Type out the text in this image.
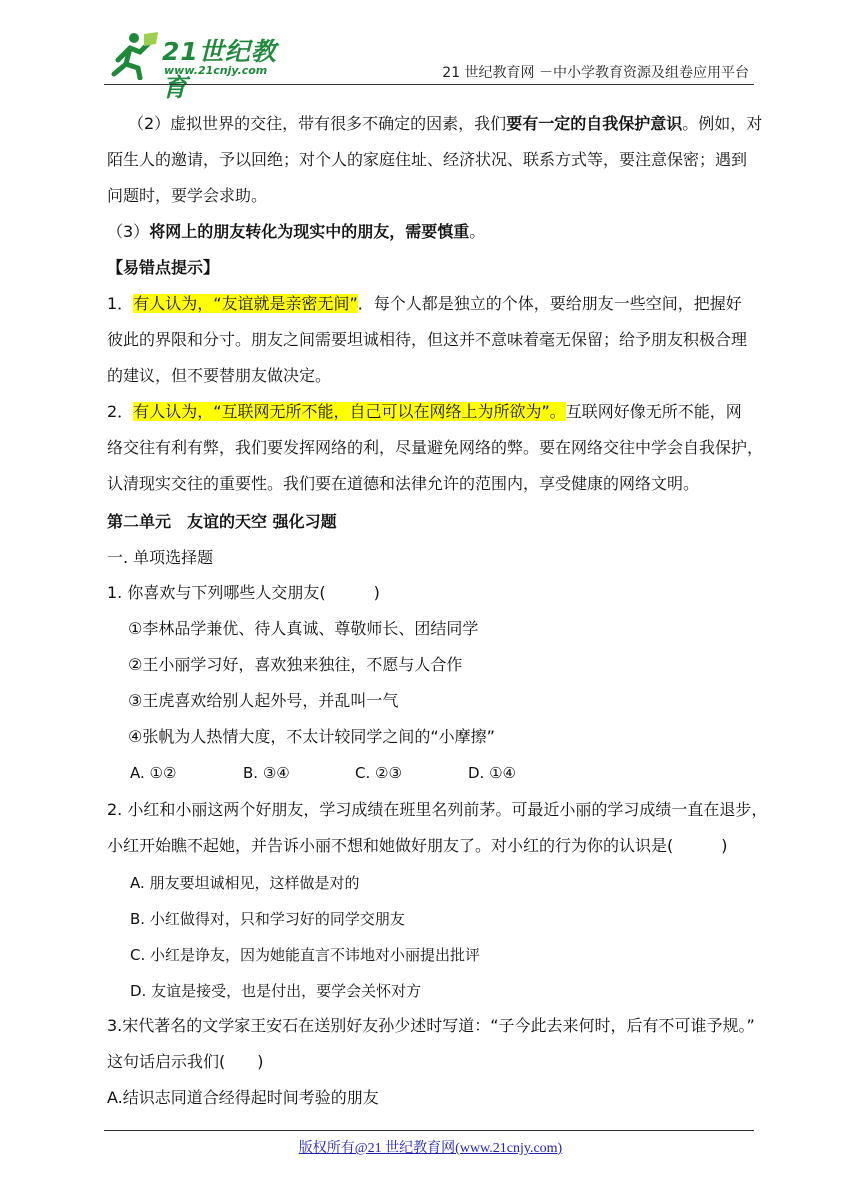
21世纪教育
www.21cnjy.com	21 世纪教育网 －中小学教育资源及组卷应用平台
（2）虚拟世界的交往，带有很多不确定的因素，我们要有一定的自我保护意识。例如，对
陌生人的邀请，予以回绝；对个人的家庭住址、经济状况、联系方式等，要注意保密；遇到
问题时，要学会求助。
（3）将网上的朋友转化为现实中的朋友，需要慎重。
【易错点提示】
1．有人认为，“友谊就是亲密无间”．每个人都是独立的个体，要给朋友一些空间，把握好
彼此的界限和分寸。朋友之间需要坦诚相待，但这并不意味着毫无保留；给予朋友积极合理
的建议，但不要替朋友做决定。
2．有人认为，“互联网无所不能，自己可以在网络上为所欲为”。互联网好像无所不能，网
络交往有利有弊，我们要发挥网络的利，尽量避免网络的弊。要在网络交往中学会自我保护，
认清现实交往的重要性。我们要在道德和法律允许的范围内，享受健康的网络文明。
第二单元　友谊的天空 强化习题
一. 单项选择题
1. 你喜欢与下列哪些人交朋友(　　　)
①李林品学兼优、待人真诚、尊敬师长、团结同学
②王小丽学习好，喜欢独来独往，不愿与人合作
③王虎喜欢给别人起外号，并乱叫一气
④张帆为人热情大度，不太计较同学之间的“小摩擦”
A. ①②	B. ③④	C. ②③	D. ①④
2. 小红和小丽这两个好朋友，学习成绩在班里名列前茅。可最近小丽的学习成绩一直在退步，
小红开始瞧不起她，并告诉小丽不想和她做好朋友了。对小红的行为你的认识是(　　　)
A. 朋友要坦诚相见，这样做是对的
B. 小红做得对，只和学习好的同学交朋友
C. 小红是诤友，因为她能直言不讳地对小丽提出批评
D. 友谊是接受，也是付出，要学会关怀对方
3.宋代著名的文学家王安石在送别好友孙少述时写道：“子今此去来何时，后有不可谁予规。”
这句话启示我们(　　)
A.结识志同道合经得起时间考验的朋友
版权所有@21 世纪教育网(www.21cnjy.com)
